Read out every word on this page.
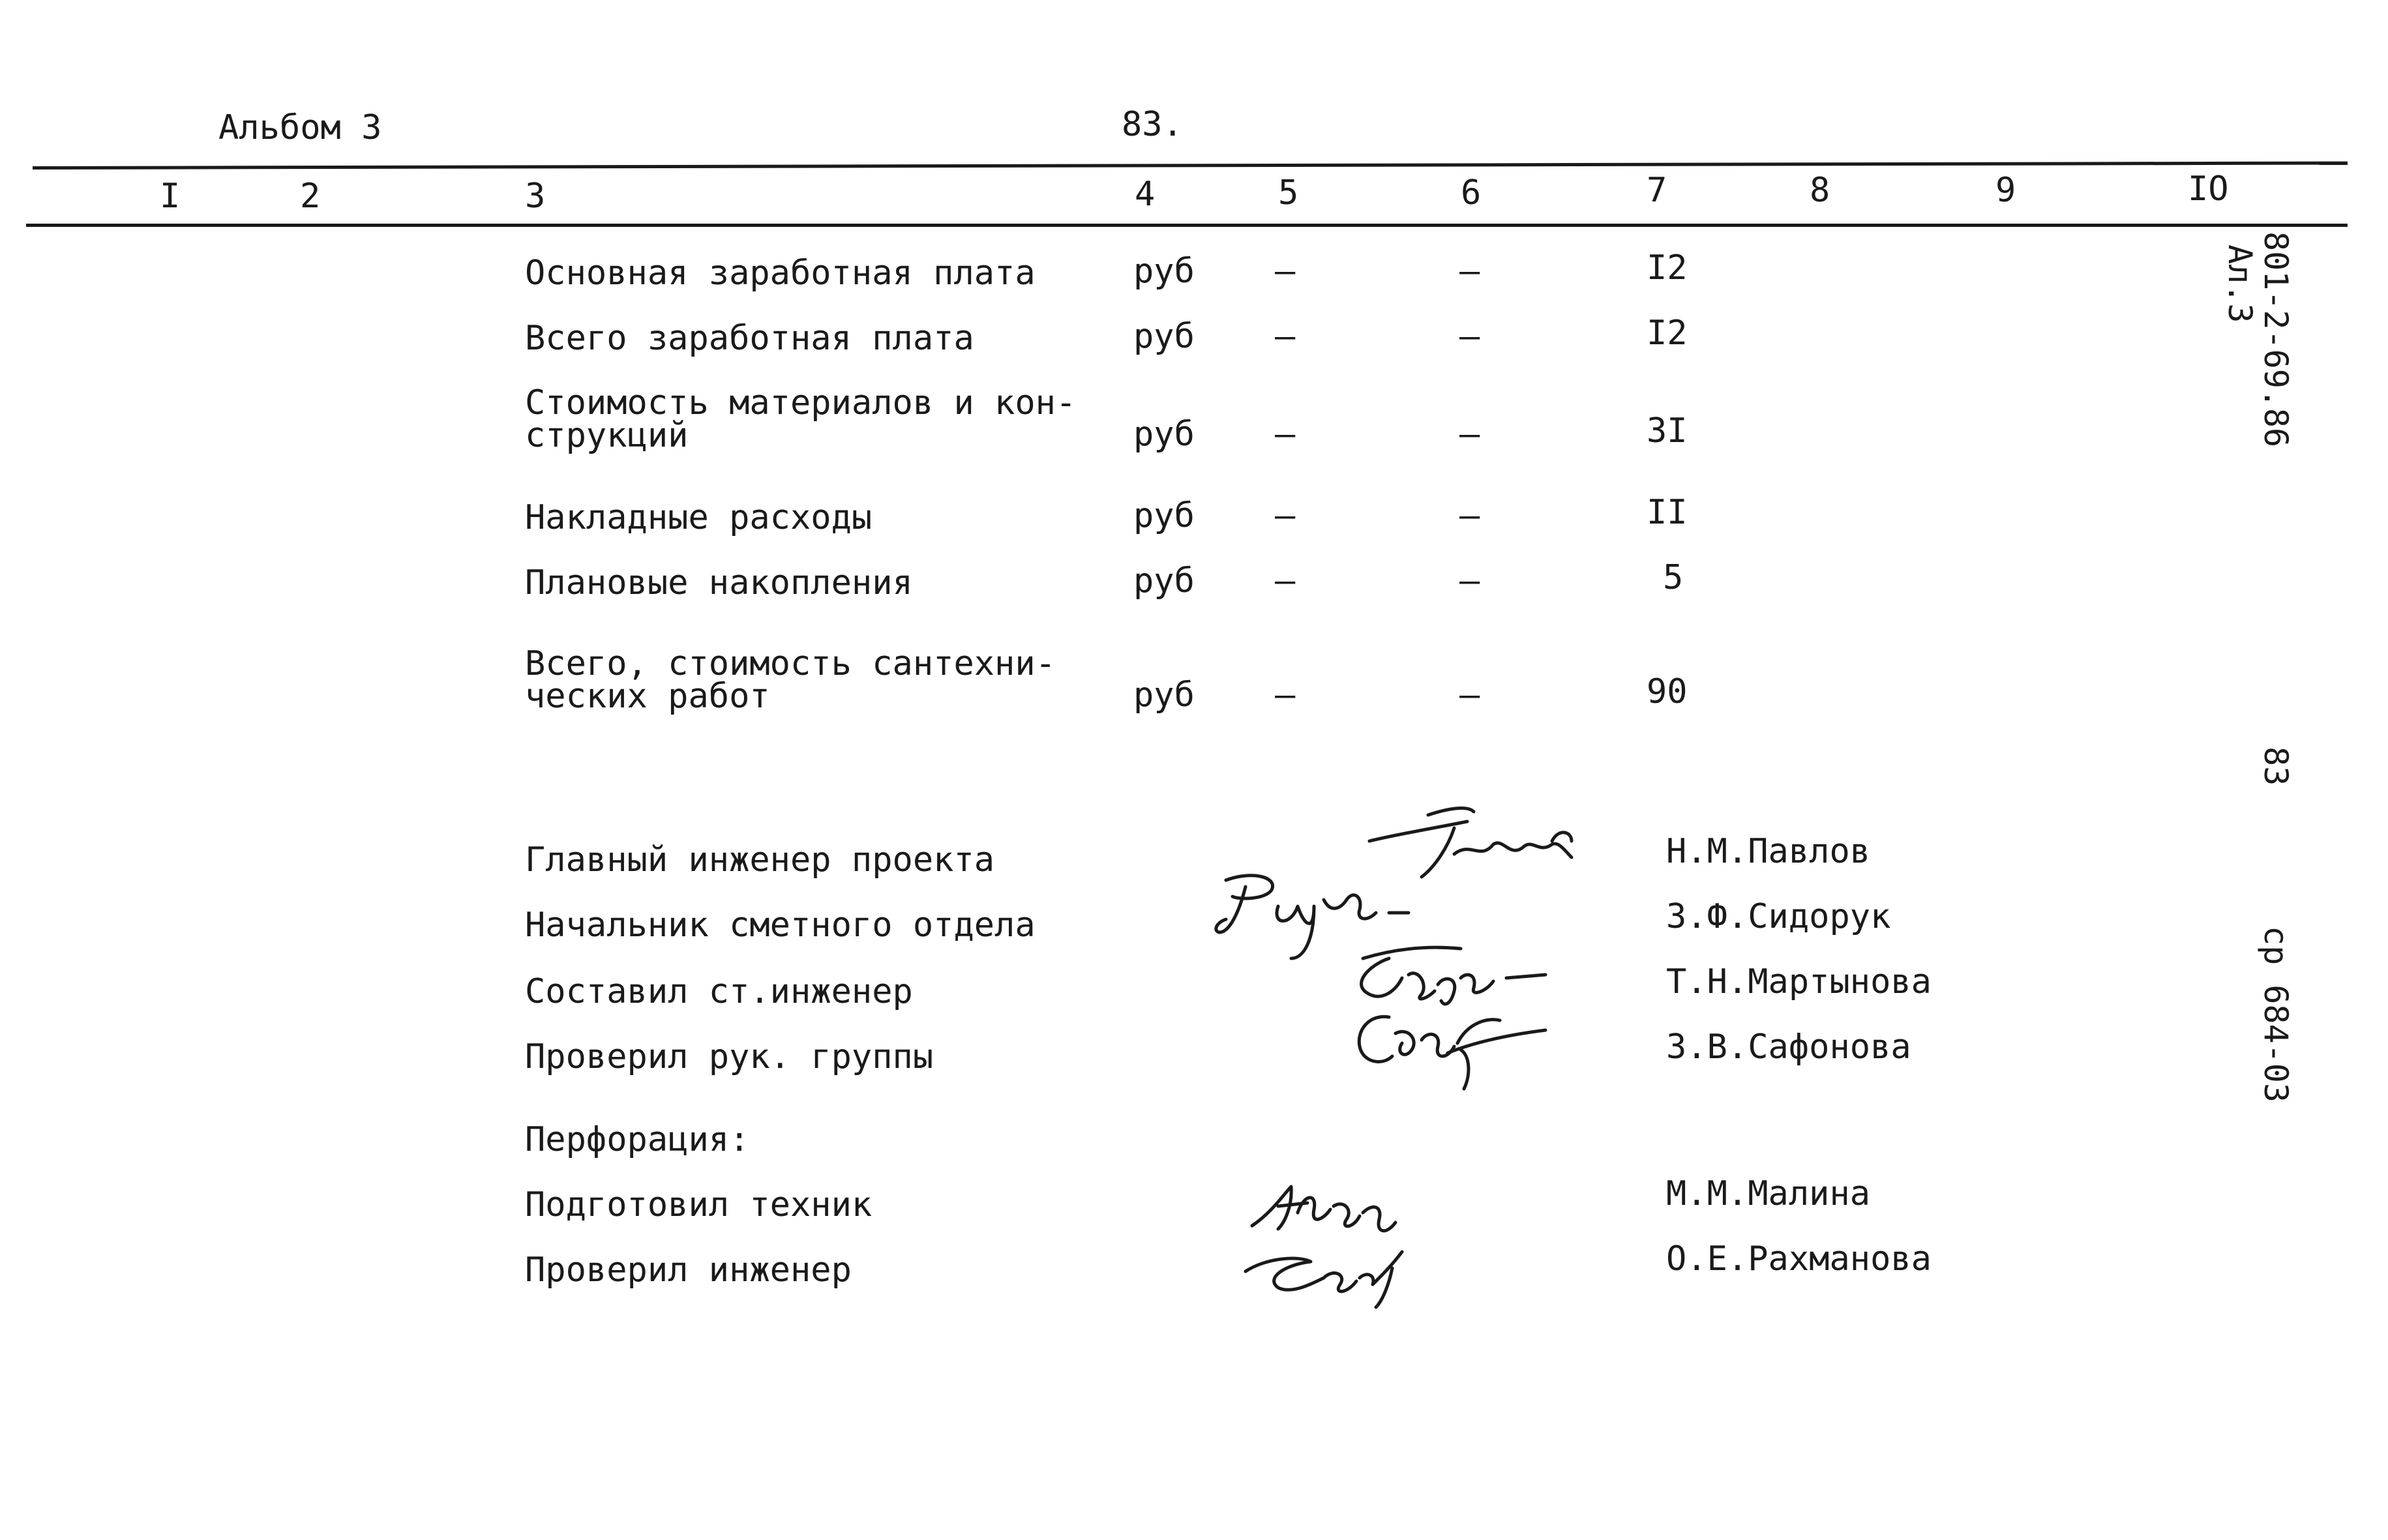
Альбом 3	83.
I	2	3	4	5	6	7	8	9	IO
Основная заработная плата	руб –	–	I2
Всего заработная плата	руб –	–	I2
Стоимость материалов и кон-струкций	руб –	–	3I
Накладные расходы	руб –	–	II
Плановые накопления	руб –	–	5
Всего, стоимость сантехни-ческих работ	руб –	–	90
801-2-69.86
Ал.3
83
ср 684-03
Главный инженер проекта	Н.М.Павлов
Начальник сметного отдела	З.Ф.Сидорук
Составил ст.инженер	Т.Н.Мартынова
Проверил рук. группы	З.В.Сафонова
Перфорация:
Подготовил техник	М.М.Малина
Проверил инженер	О.Е.Рахманова
